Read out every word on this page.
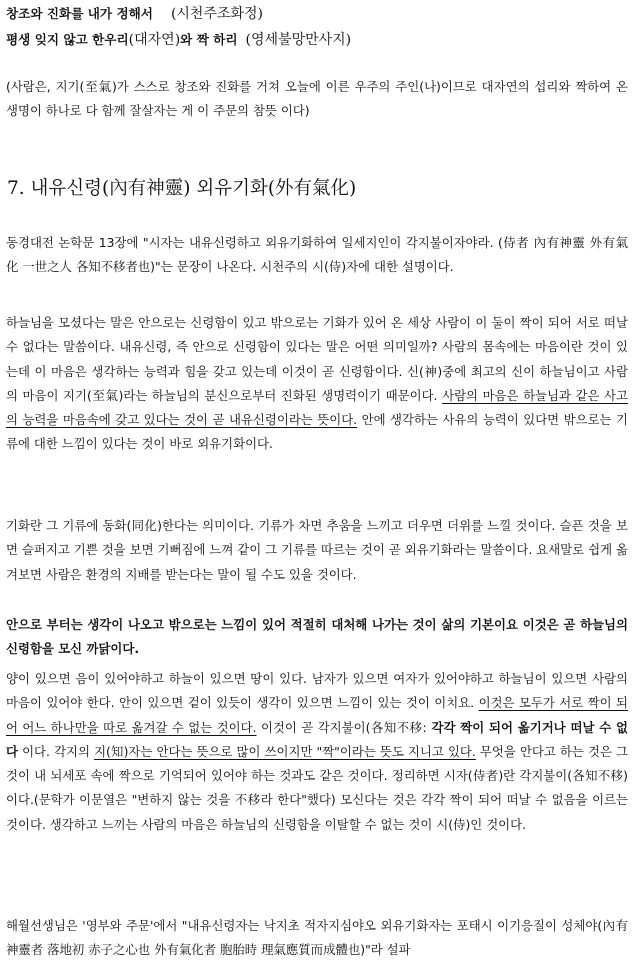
창조와 진화를 내가 정해서 (시천주조화정)
평생 잊지 않고 한우리(대자연)와 짝 하리 (영세불망만사지)

(사람은, 지기(至氣)가 스스로 창조와 진화를 거쳐 오늘에 이른 우주의 주인(나)이므로 대자연의 섭리와 짝하여 온 생명이 하나로 다 함께 잘살자는 게 이 주문의 참뜻 이다)

7. 내유신령(內有神靈) 외유기화(外有氣化)

동경대전 논학문 13장에 "시자는 내유신령하고 외유기화하여 일세지인이 각지불이자야라. (侍者 內有神靈 外有氣化 一世之人 各知不移者也)"는 문장이 나온다. 시천주의 시(侍)자에 대한 설명이다.

하늘님을 모셨다는 말은 안으로는 신령함이 있고 밖으로는 기화가 있어 온 세상 사람이 이 둘이 짝이 되어 서로 떠날 수 없다는 말씀이다. 내유신령, 즉 안으로 신령함이 있다는 말은 어떤 의미일까? 사람의 몸속에는 마음이란 것이 있는데 이 마음은 생각하는 능력과 힘을 갖고 있는데 이것이 곧 신령함이다. 신(神)중에 최고의 신이 하늘님이고 사람의 마음이 지기(至氣)라는 하늘님의 분신으로부터 진화된 생명력이기 때문이다. 사람의 마음은 하늘님과 같은 사고의 능력을 마음속에 갖고 있다는 것이 곧 내유신령이라는 뜻이다. 안에 생각하는 사유의 능력이 있다면 밖으로는 기류에 대한 느낌이 있다는 것이 바로 외유기화이다.

기화란 그 기류에 동화(同化)한다는 의미이다. 기류가 차면 추움을 느끼고 더우면 더위를 느낄 것이다. 슬픈 것을 보면 슬퍼지고 기쁜 것을 보면 기뻐짐에 느껴 같이 그 기류를 따르는 것이 곧 외유기화라는 말씀이다. 요새말로 쉽게 옮겨보면 사람은 환경의 지배를 받는다는 말이 될 수도 있을 것이다.

안으로 부터는 생각이 나오고 밖으로는 느낌이 있어 적절히 대처해 나가는 것이 삶의 기본이요 이것은 곧 하늘님의 신령함을 모신 까닭이다.

양이 있으면 음이 있어야하고 하늘이 있으면 땅이 있다. 남자가 있으면 여자가 있어야하고 하늘님이 있으면 사람의 마음이 있어야 한다. 안이 있으면 겉이 있듯이 생각이 있으면 느낌이 있는 것이 이치요. 이것은 모두가 서로 짝이 되어 어느 하나만을 따로 옮겨갈 수 없는 것이다. 이것이 곧 각지불이(各知不移: 각각 짝이 되어 옮기거나 떠날 수 없다 이다. 각지의 지(知)자는 안다는 뜻으로 많이 쓰이지만 "짝"이라는 뜻도 지니고 있다. 무엇을 안다고 하는 것은 그것이 내 뇌세포 속에 짝으로 기억되어 있어야 하는 것과도 같은 것이다. 정리하면 시자(侍者)란 각지불이(各知不移)이다.(문학가 이문열은 "변하지 않는 것을 不移라 한다"했다) 모신다는 것은 각각 짝이 되어 떠날 수 없음을 이르는 것이다. 생각하고 느끼는 사람의 마음은 하늘님의 신령함을 이탈할 수 없는 것이 시(侍)인 것이다.

해월선생님은 '영부와 주문'에서 "내유신령자는 낙지초 적자지심야오 외유기화자는 포태시 이기응질이 성체야(內有神靈者 落地初 赤子之心也 外有氣化者 胞胎時 理氣應質而成體也)"라 설파
